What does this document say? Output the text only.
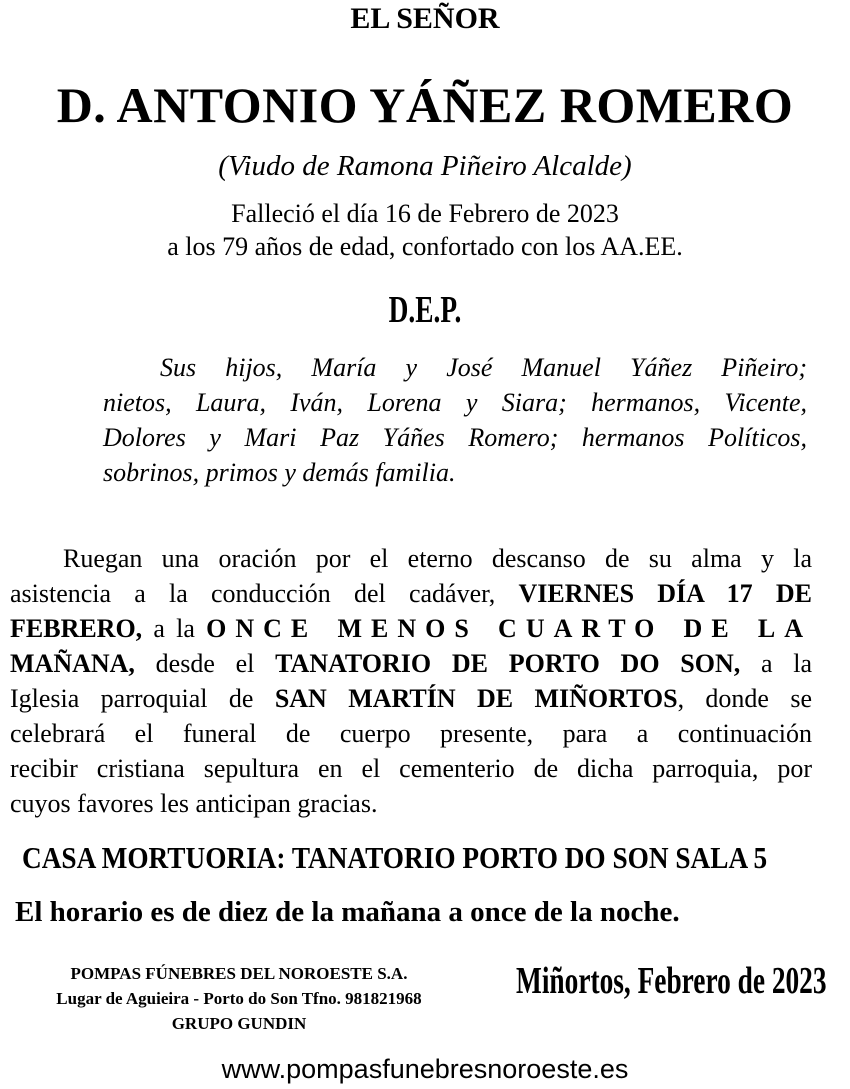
EL SEÑOR
D. ANTONIO YÁÑEZ ROMERO
(Viudo de Ramona Piñeiro Alcalde)
Falleció el día 16 de Febrero de 2023
a los 79 años de edad, confortado con los AA.EE.
D.E.P.
Sus hijos, María y José Manuel Yáñez Piñeiro;
nietos, Laura, Iván, Lorena y Siara; hermanos, Vicente,
Dolores y Mari Paz Yáñes Romero; hermanos Políticos,
sobrinos, primos y demás familia.
Ruegan una oración por el eterno descanso de su alma y la
asistencia a la conducción del cadáver, VIERNES DÍA 17 DE
FEBRERO, a la ONCE MENOS CUARTO DE LA
MAÑANA, desde el TANATORIO DE PORTO DO SON, a la
Iglesia parroquial de SAN MARTÍN DE MIÑORTOS, donde se
celebrará el funeral de cuerpo presente, para a continuación
recibir cristiana sepultura en el cementerio de dicha parroquia, por
cuyos favores les anticipan gracias.
CASA MORTUORIA: TANATORIO PORTO DO SON SALA 5
El horario es de diez de la mañana a once de la noche.
POMPAS FÚNEBRES DEL NOROESTE S.A.
Lugar de Aguieira - Porto do Son Tfno. 981821968
GRUPO GUNDIN
Miñortos, Febrero de 2023
www.pompasfunebresnoroeste.es
